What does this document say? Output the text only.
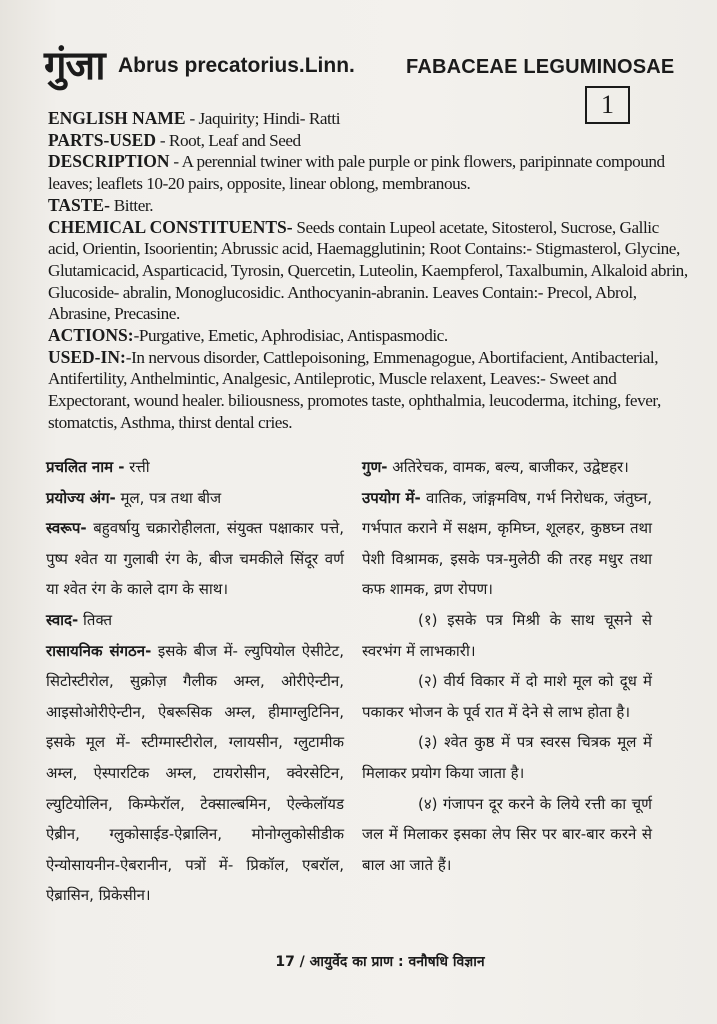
गुंजा Abrus precatorius.Linn.	FABACEAE LEGUMINOSAE
1

ENGLISH NAME - Jaquirity; Hindi- Ratti

PARTS-USED - Root, Leaf and Seed

DESCRIPTION - A perennial twiner with pale purple or pink flowers, paripinnate compound leaves; leaflets 10-20 pairs, opposite, linear oblong, membranous.

TASTE- Bitter.

CHEMICAL CONSTITUENTS- Seeds contain Lupeol acetate, Sitosterol, Sucrose, Gallic acid, Orientin, Isoorientin; Abrussic acid, Haemagglutinin; Root Contains:- Stigmasterol, Glycine, Glutamicacid, Asparticacid, Tyrosin, Quercetin, Luteolin, Kaempferol, Taxalbumin, Alkaloid abrin, Glucoside- abralin, Monoglucosidic. Anthocyanin-abranin. Leaves Contain:- Precol, Abrol, Abrasine, Precasine.

ACTIONS:-Purgative, Emetic, Aphrodisiac, Antispasmodic.

USED-IN:-In nervous disorder, Cattlepoisoning, Emmenagogue, Abortifacient, Antibacterial, Antifertility, Anthelmintic, Analgesic, Antileprotic, Muscle relaxent, Leaves:- Sweet and Expectorant, wound healer. biliousness, promotes taste, ophthalmia, leucoderma, itching, fever, stomatctis, Asthma, thirst dental cries.

प्रचलित नाम - रत्ती

प्रयोज्य अंग- मूल, पत्र तथा बीज

स्वरूप- बहुवर्षायु चक्रारोहीलता, संयुक्त पक्षाकार पत्ते, पुष्प श्वेत या गुलाबी रंग के, बीज चमकीले सिंदूर वर्ण या श्वेत रंग के काले दाग के साथ।

स्वाद- तिक्त

रासायनिक संगठन- इसके बीज में- ल्युपियोल ऐसीटेट, सिटोस्टीरोल, सुक्रोज़ गैलीक अम्ल, ओरीऐन्टीन, आइसोओरीऐन्टीन, ऐबरूसिक अम्ल, हीमाग्लुटिनिन, इसके मूल में- स्टीग्मास्टीरोल, ग्लायसीन, ग्लुटामीक अम्ल, ऐस्पारटिक अम्ल, टायरोसीन, क्वेरसेटिन, ल्युटियोलिन, किम्फेरॉल, टेक्साल्बमिन, ऐल्केलॉयड ऐब्रीन, ग्लुकोसाईड-ऐब्रालिन, मोनोग्लुकोसीडीक ऐन्योसायनीन-ऐबरानीन, पत्रों में- प्रिकॉल, एबरॉल, ऐब्रासिन, प्रिकेसीन।

गुण- अतिरेचक, वामक, बल्य, बाजीकर, उद्वेष्टहर।

उपयोग में- वातिक, जांङ्गमविष, गर्भ निरोधक, जंतुघ्न, गर्भपात कराने में सक्षम, कृमिघ्न, शूलहर, कुष्ठघ्न तथा पेशी विश्रामक, इसके पत्र-मुलेठी की तरह मधुर तथा कफ शामक, व्रण रोपण।

(१) इसके पत्र मिश्री के साथ चूसने से स्वरभंग में लाभकारी।

(२) वीर्य विकार में दो माशे मूल को दूध में पकाकर भोजन के पूर्व रात में देने से लाभ होता है।

(३) श्वेत कुष्ठ में पत्र स्वरस चित्रक मूल में मिलाकर प्रयोग किया जाता है।

(४) गंजापन दूर करने के लिये रत्ती का चूर्ण जल में मिलाकर इसका लेप सिर पर बार-बार करने से बाल आ जाते हैं।

17 / आयुर्वेद का प्राण : वनौषधि विज्ञान
